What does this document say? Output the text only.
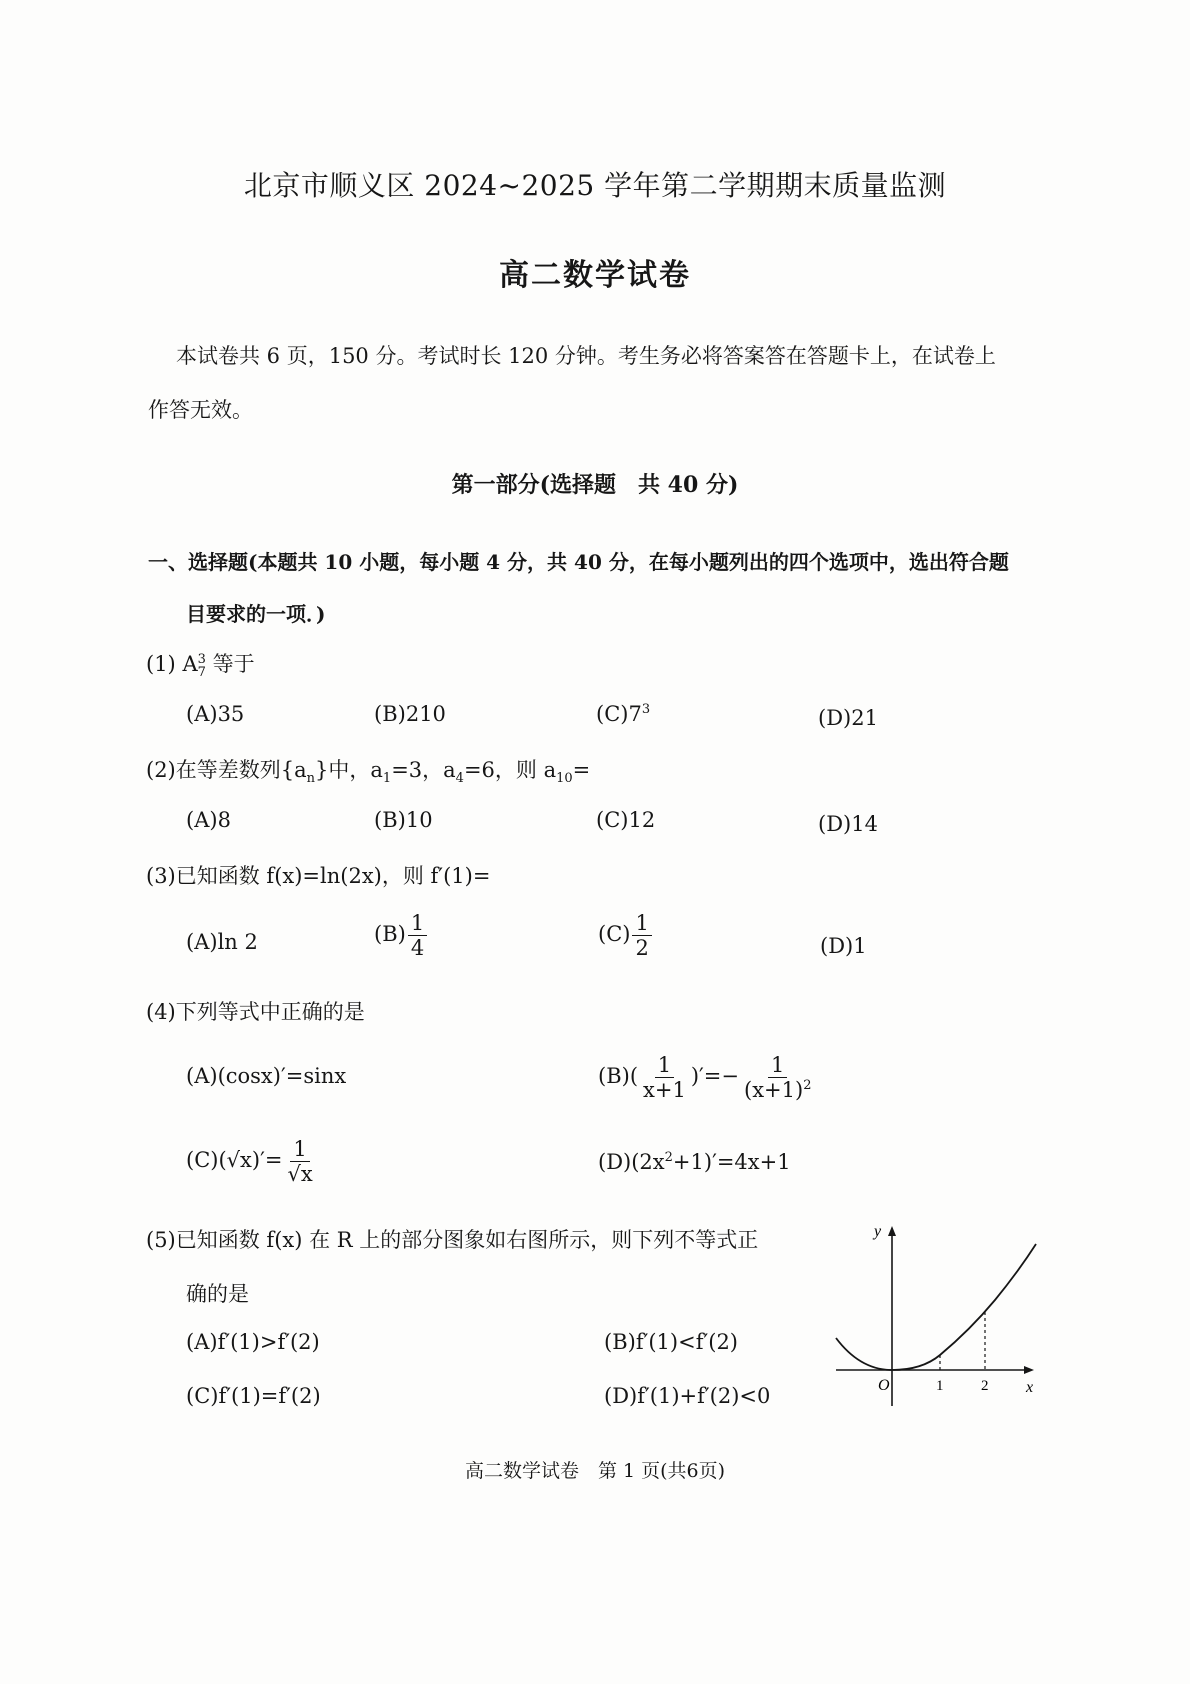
北京市顺义区 2024~2025 学年第二学期期末质量监测
高二数学试卷
本试卷共 6 页，150 分。考试时长 120 分钟。考生务必将答案答在答题卡上，在试卷上
作答无效。
第一部分(选择题　共 40 分)
一、选择题(本题共 10 小题，每小题 4 分，共 40 分，在每小题列出的四个选项中，选出符合题
目要求的一项．)
(1) A 3
7 等于
(A)35	(B)210	$(C)7^3$	(D)21
(2)在等差数列$\{a_n\}$中，$a_1=3$，$a_4=6$，则 $a_{10}=$
(A)8	(B)10	(C)12	(D)14
(3)已知函数 f(x)=ln(2x)，则 f′(1)=
(A)ln 2	$(B) \frac{1}{4}$	$(C) \frac{1}{2}$	(D)1
(4)下列等式中正确的是
(A)(cosx)′=sinx	$(B)( \frac{1}{x+1}$ )′=− $\frac{1}{(x+1)^2}$
$(C)(√x)'= \frac{1}{√x}$	$(D)(2x^2+1)'=4x+1$
(5)已知函数 f(x) 在 R 上的部分图象如右图所示，则下列不等式正
确的是
(A)f′(1)>f′(2)	(B)f′(1)<f′(2)
(C)f′(1)=f′(2)	(D)f′(1)+f′(2)<0
y
x
O	1	2
高二数学试卷　第 1 页(共6页)
